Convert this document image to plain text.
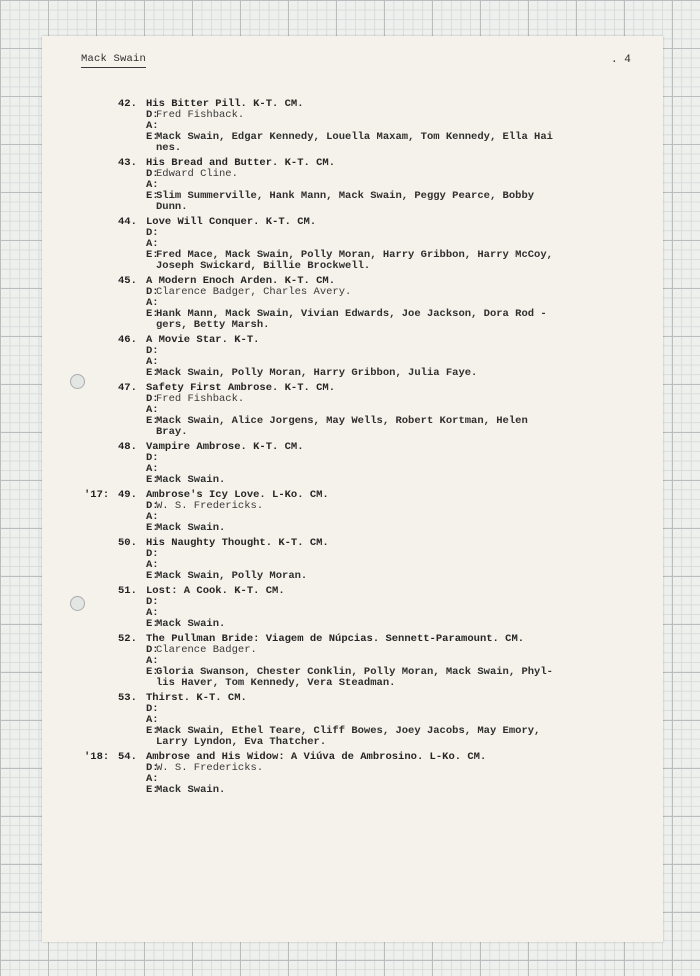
Mack Swain	. 4
42. His Bitter Pill. K-T. CM.
D:
Fred Fishback.
A:
E:
Mack Swain, Edgar Kennedy, Louella Maxam, Tom Kennedy, Ella Hai
nes.
43. His Bread and Butter. K-T. CM.
D:
Edward Cline.
A:
E:
Slim Summerville, Hank Mann, Mack Swain, Peggy Pearce, Bobby
Dunn.
44. Love Will Conquer. K-T. CM.
D:
A:
E:
Fred Mace, Mack Swain, Polly Moran, Harry Gribbon, Harry McCoy,
Joseph Swickard, Billie Brockwell.
45. A Modern Enoch Arden. K-T. CM.
D:
Clarence Badger, Charles Avery.
A:
E:
Hank Mann, Mack Swain, Vivian Edwards, Joe Jackson, Dora Rod -
gers, Betty Marsh.
46. A Movie Star. K-T.
D:
A:
E:
Mack Swain, Polly Moran, Harry Gribbon, Julia Faye.
47. Safety First Ambrose. K-T. CM.
D:
Fred Fishback.
A:
E:
Mack Swain, Alice Jorgens, May Wells, Robert Kortman, Helen
Bray.
48. Vampire Ambrose. K-T. CM.
D:
A:
E:
Mack Swain.
'17: 49. Ambrose's Icy Love. L-Ko. CM.
D:
W. S. Fredericks.
A:
E:
Mack Swain.
50. His Naughty Thought. K-T. CM.
D:
A:
E:
Mack Swain, Polly Moran.
51. Lost: A Cook. K-T. CM.
D:
A:
E:
Mack Swain.
52. The Pullman Bride: Viagem de Núpcias. Sennett-Paramount. CM.
D:
Clarence Badger.
A:
E:
Gloria Swanson, Chester Conklin, Polly Moran, Mack Swain, Phyl-
lis Haver, Tom Kennedy, Vera Steadman.
53. Thirst. K-T. CM.
D:
A:
E:
Mack Swain, Ethel Teare, Cliff Bowes, Joey Jacobs, May Emory,
Larry Lyndon, Eva Thatcher.
'18: 54. Ambrose and His Widow: A Viúva de Ambrosino. L-Ko. CM.
D:
W. S. Fredericks.
A:
E:
Mack Swain.
